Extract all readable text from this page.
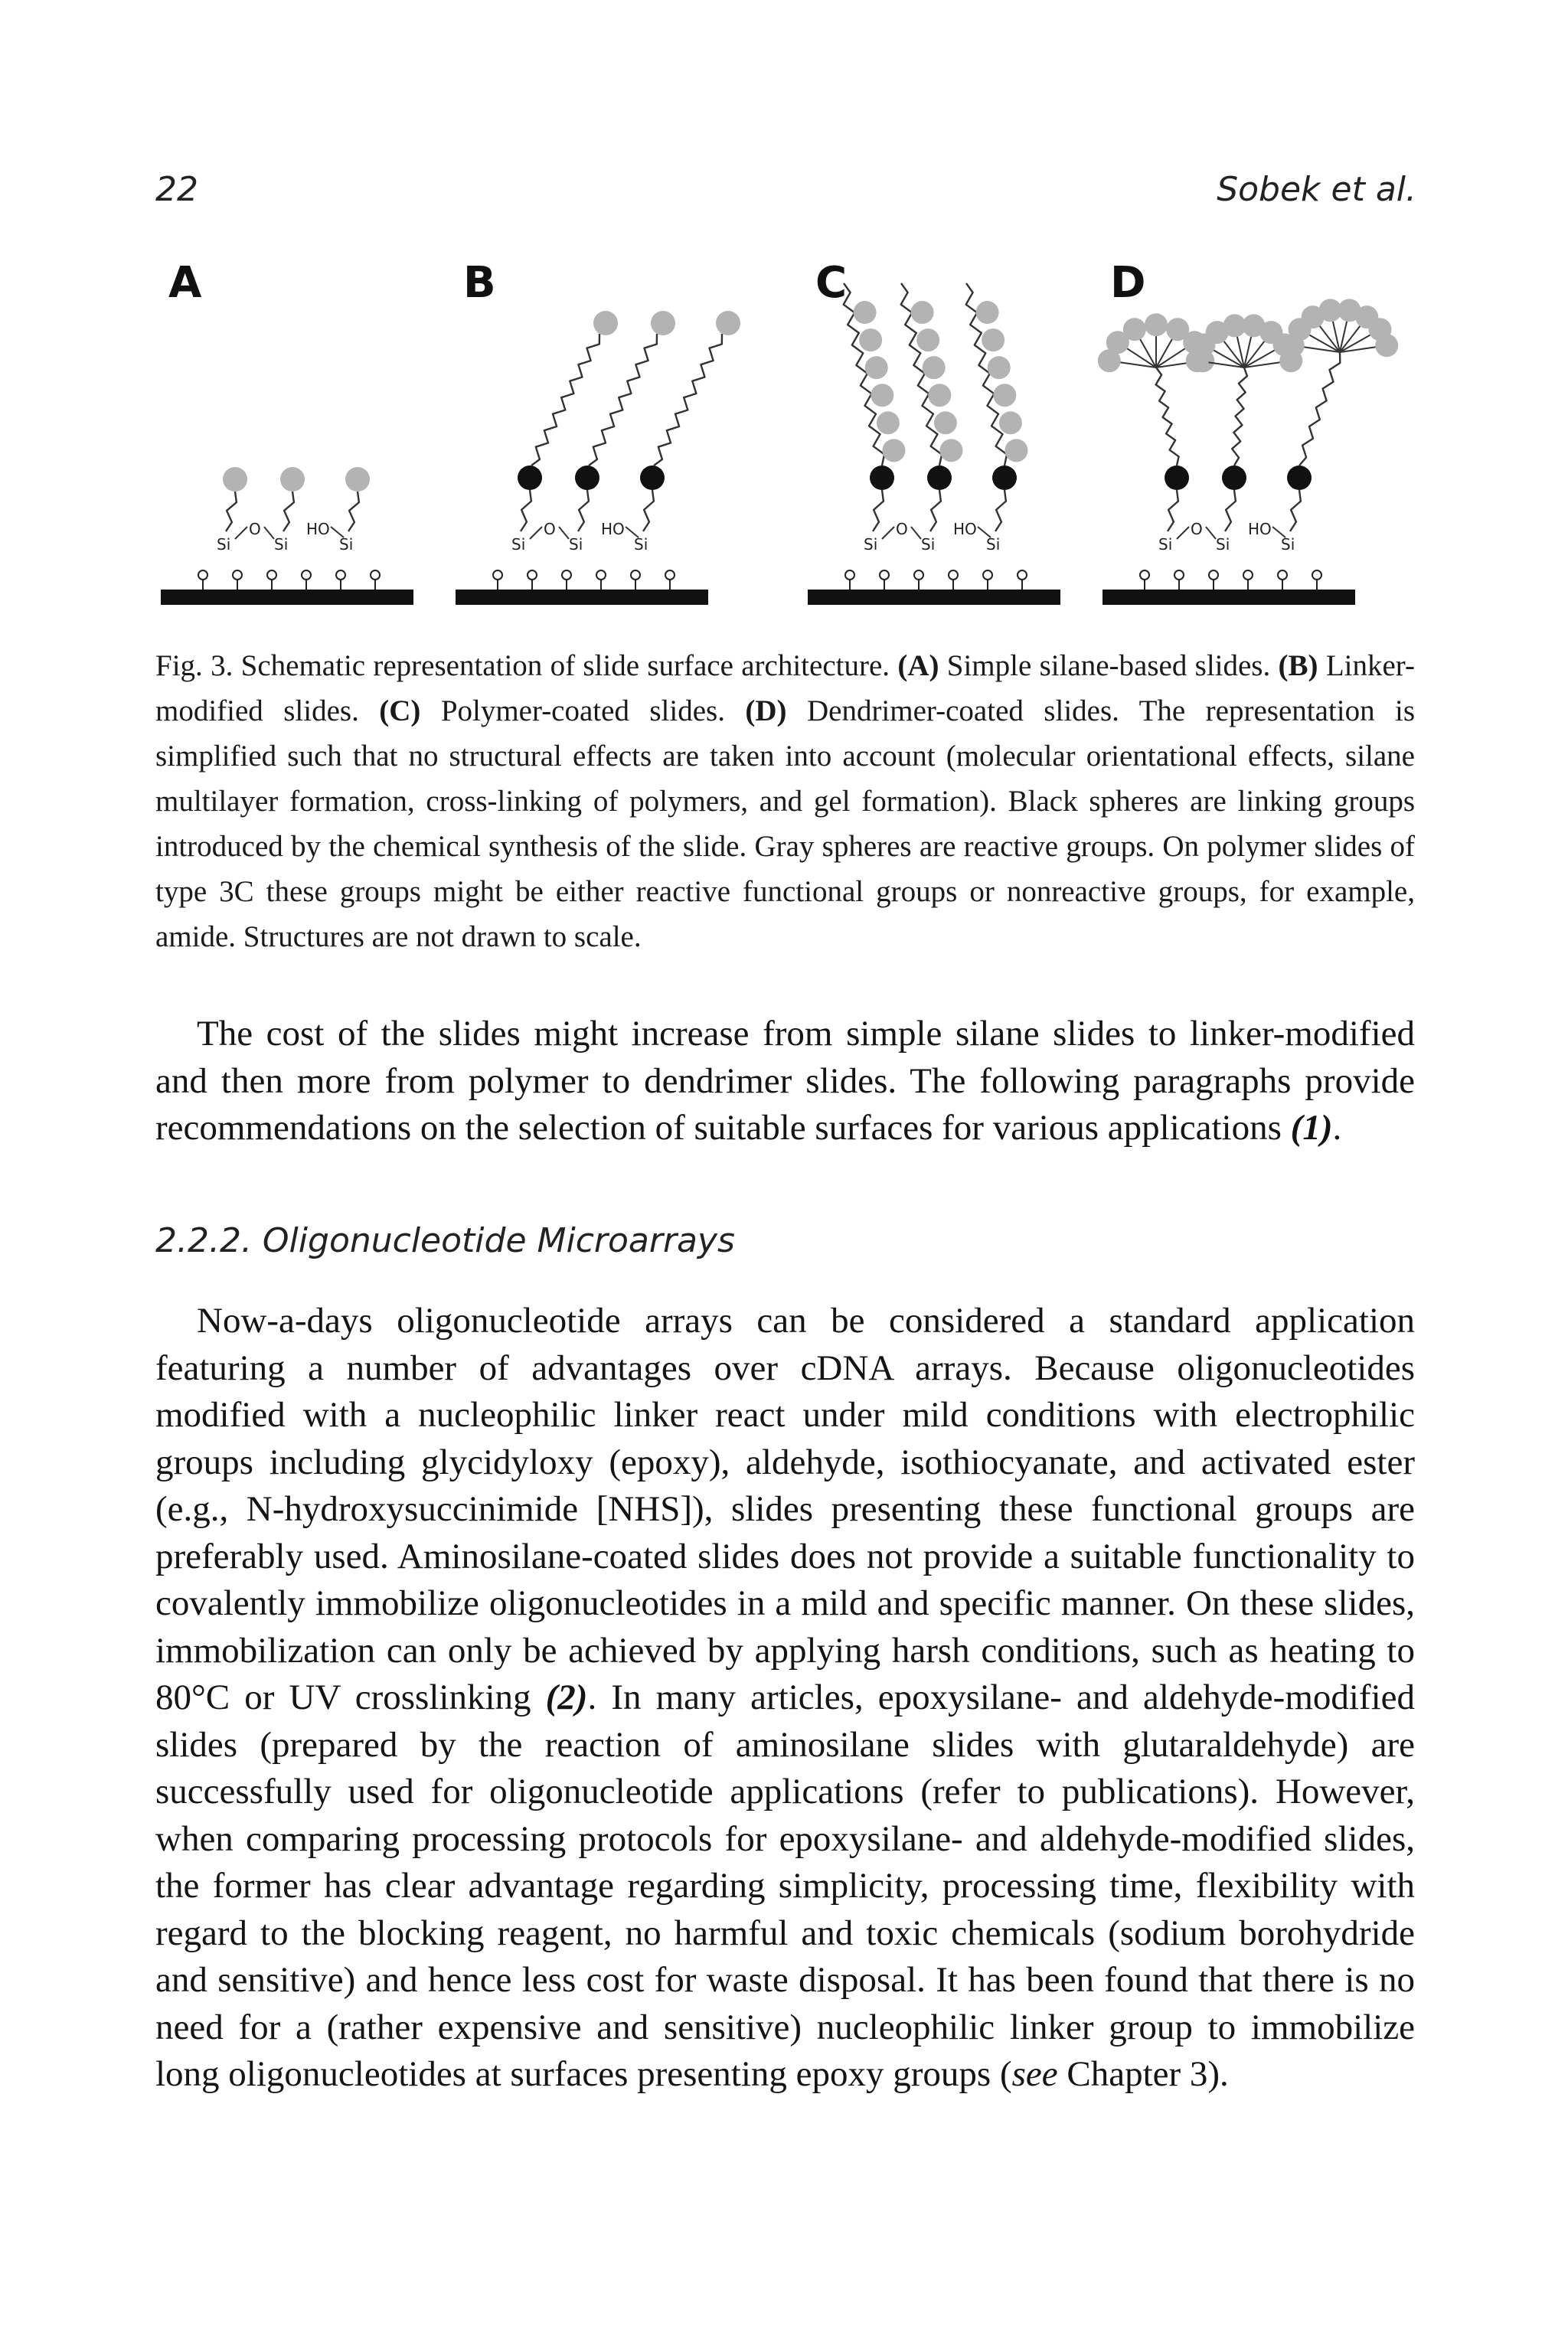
22	Sobek et al.
A
Si
O
Si
HO
Si
B
Si
O
Si
HO
Si
C
Si
O
Si
HO
Si
D
Si
O
Si
HO
Si

Fig. 3. Schematic representation of slide surface architecture. (A) Simple silane-based slides. (B) Linker-modified slides. (C) Polymer-coated slides. (D) Dendrimer-coated slides. The representation is simplified such that no structural effects are taken into account (molecular orientational effects, silane multilayer formation, cross-linking of polymers, and gel formation). Black spheres are linking groups introduced by the chemical synthesis of the slide. Gray spheres are reactive groups. On polymer slides of type 3C these groups might be either reactive functional groups or nonreactive groups, for example, amide. Structures are not drawn to scale.

The cost of the slides might increase from simple silane slides to linker-modified and then more from polymer to dendrimer slides. The following paragraphs provide recommendations on the selection of suitable surfaces for various applications (1).

2.2.2. Oligonucleotide Microarrays

Now-a-days oligonucleotide arrays can be considered a standard application featuring a number of advantages over cDNA arrays. Because oligonucleotides modified with a nucleophilic linker react under mild conditions with electrophilic groups including glycidyloxy (epoxy), aldehyde, isothiocyanate, and activated ester (e.g., N-hydroxysuccinimide [NHS]), slides presenting these functional groups are preferably used. Aminosilane-coated slides does not provide a suitable functionality to covalently immobilize oligonucleotides in a mild and specific manner. On these slides, immobilization can only be achieved by applying harsh conditions, such as heating to 80°C or UV crosslinking (2). In many articles, epoxysilane- and aldehyde-modified slides (prepared by the reaction of aminosilane slides with glutaraldehyde) are successfully used for oligonucleotide applications (refer to publications). However, when comparing processing protocols for epoxysilane- and aldehyde-modified slides, the former has clear advantage regarding simplicity, processing time, flexibility with regard to the blocking reagent, no harmful and toxic chemicals (sodium borohydride and sensitive) and hence less cost for waste disposal. It has been found that there is no need for a (rather expensive and sensitive) nucleophilic linker group to immobilize long oligonucleotides at surfaces presenting epoxy groups (see Chapter 3).
